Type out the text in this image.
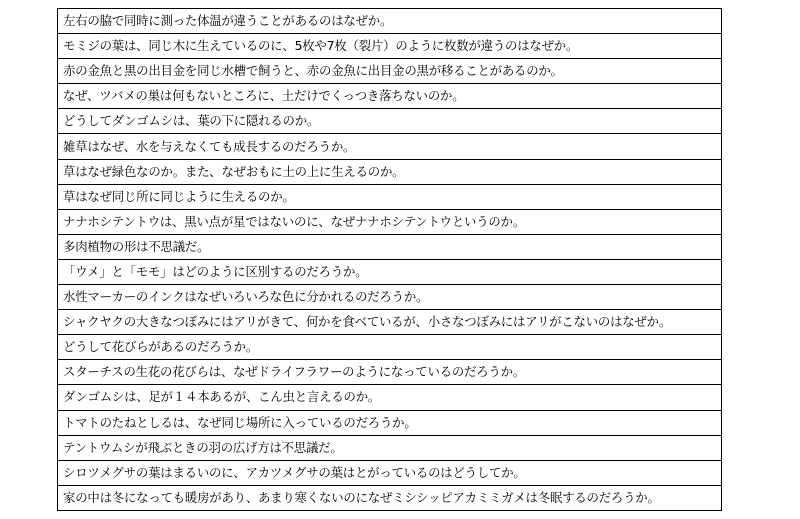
左右の脇で同時に測った体温が違うことがあるのはなぜか。
モミジの葉は、同じ木に生えているのに、5枚や7枚（裂片）のように枚数が違うのはなぜか。
赤の金魚と黒の出目金を同じ水槽で飼うと、赤の金魚に出目金の黒が移ることがあるのか。
なぜ、ツバメの巣は何もないところに、土だけでくっつき落ちないのか。
どうしてダンゴムシは、葉の下に隠れるのか。
雑草はなぜ、水を与えなくても成長するのだろうか。
草はなぜ緑色なのか。また、なぜおもに土の上に生えるのか。
草はなぜ同じ所に同じように生えるのか。
ナナホシテントウは、黒い点が星ではないのに、なぜナナホシテントウというのか。
多肉植物の形は不思議だ。
「ウメ」と「モモ」はどのように区別するのだろうか。
水性マーカーのインクはなぜいろいろな色に分かれるのだろうか。
シャクヤクの大きなつぼみにはアリがきて、何かを食べているが、小さなつぼみにはアリがこないのはなぜか。
どうして花びらがあるのだろうか。
スターチスの生花の花びらは、なぜドライフラワーのようになっているのだろうか。
ダンゴムシは、足が１４本あるが、こん虫と言えるのか。
トマトのたねとしるは、なぜ同じ場所に入っているのだろうか。
テントウムシが飛ぶときの羽の広げ方は不思議だ。
シロツメグサの葉はまるいのに、アカツメグサの葉はとがっているのはどうしてか。
家の中は冬になっても暖房があり、あまり寒くないのになぜミシシッピアカミミガメは冬眠するのだろうか。
